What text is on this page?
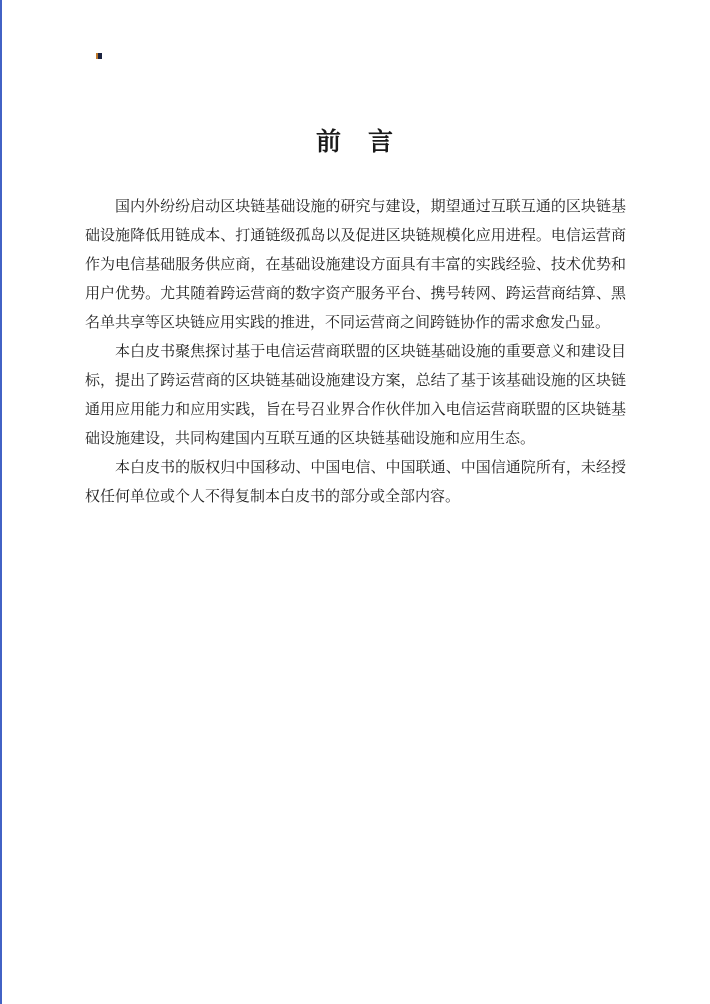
前　言

国内外纷纷启动区块链基础设施的研究与建设，期望通过互联互通的区块链基础设施降低用链成本、打通链级孤岛以及促进区块链规模化应用进程。电信运营商作为电信基础服务供应商，在基础设施建设方面具有丰富的实践经验、技术优势和用户优势。尤其随着跨运营商的数字资产服务平台、携号转网、跨运营商结算、黑名单共享等区块链应用实践的推进，不同运营商之间跨链协作的需求愈发凸显。

本白皮书聚焦探讨基于电信运营商联盟的区块链基础设施的重要意义和建设目标，提出了跨运营商的区块链基础设施建设方案，总结了基于该基础设施的区块链通用应用能力和应用实践，旨在号召业界合作伙伴加入电信运营商联盟的区块链基础设施建设，共同构建国内互联互通的区块链基础设施和应用生态。

本白皮书的版权归中国移动、中国电信、中国联通、中国信通院所有，未经授权任何单位或个人不得复制本白皮书的部分或全部内容。
